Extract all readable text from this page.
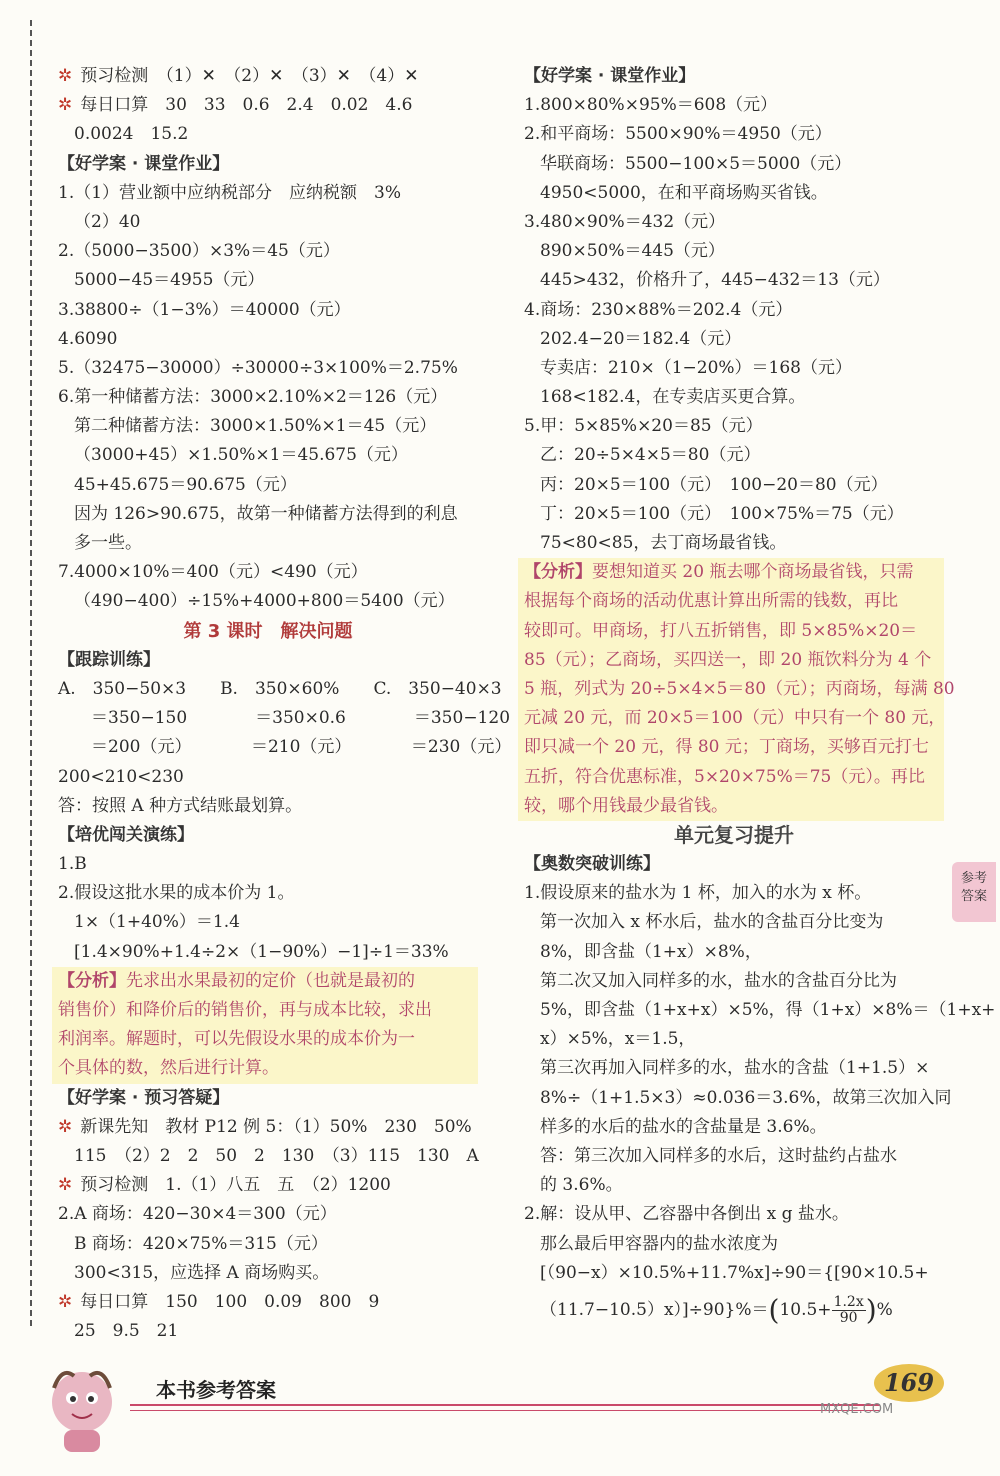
✲ 预习检测　（1）✕　（2）✕　（3）✕　（4）✕
✲ 每日口算　30　33　0.6　2.4　0.02　4.6
0.0024　15.2
【好学案 · 课堂作业】
1.（1）营业额中应纳税部分　应纳税额　3%
（2）40
2.（5000−3500）×3%＝45（元）
5000−45＝4955（元）
3.38800÷（1−3%）＝40000（元）
4.6090
5.（32475−30000）÷30000÷3×100%＝2.75%
6.第一种储蓄方法：3000×2.10%×2＝126（元）
第二种储蓄方法：3000×1.50%×1＝45（元）
（3000+45）×1.50%×1＝45.675（元）
45+45.675＝90.675（元）
因为 126>90.675，故第一种储蓄方法得到的利息
多一些。
7.4000×10%＝400（元）<490（元）
（490−400）÷15%+4000+800＝5400（元）
第 3 课时　解决问题
【跟踪训练】
A.　350−50×3　　B.　350×60%　　C.　350−40×3
　＝350−150　　　　＝350×0.6　　　　＝350−120
　＝200（元）　　　　＝210（元）　　　　＝230（元）
200<210<230
答：按照 A 种方式结账最划算。
【培优闯关演练】
1.B
2.假设这批水果的成本价为 1。
1×（1+40%）＝1.4
[1.4×90%+1.4÷2×（1−90%）−1]÷1＝33%
【分析】先求出水果最初的定价（也就是最初的
销售价）和降价后的销售价，再与成本比较，求出
利润率。解题时，可以先假设水果的成本价为一
个具体的数，然后进行计算。
【好学案 · 预习答疑】
✲ 新课先知　教材 P12 例 5：（1）50%　230　50%
115　（2）2　2　50　2　130　（3）115　130　A
✲ 预习检测　1.（1）八五　五　（2）1200
2.A 商场：420−30×4＝300（元）
B 商场：420×75%＝315（元）
300<315，应选择 A 商场购买。
✲ 每日口算　150　100　0.09　800　9
25　9.5　21
【好学案 · 课堂作业】
1.800×80%×95%＝608（元）
2.和平商场：5500×90%＝4950（元）
华联商场：5500−100×5＝5000（元）
4950<5000，在和平商场购买省钱。
3.480×90%＝432（元）
890×50%＝445（元）
445>432，价格升了，445−432＝13（元）
4.商场：230×88%＝202.4（元）
202.4−20＝182.4（元）
专卖店：210×（1−20%）＝168（元）
168<182.4，在专卖店买更合算。
5.甲：5×85%×20＝85（元）
乙：20÷5×4×5＝80（元）
丙：20×5＝100（元）　100−20＝80（元）
丁：20×5＝100（元）　100×75%＝75（元）
75<80<85，去丁商场最省钱。
【分析】要想知道买 20 瓶去哪个商场最省钱，只需
根据每个商场的活动优惠计算出所需的钱数，再比
较即可。甲商场，打八五折销售，即 5×85%×20＝
85（元）；乙商场，买四送一，即 20 瓶饮料分为 4 个
5 瓶，列式为 20÷5×4×5＝80（元）；丙商场，每满 80
元减 20 元，而 20×5＝100（元）中只有一个 80 元，
即只减一个 20 元，得 80 元；丁商场，买够百元打七
五折，符合优惠标准，5×20×75%＝75（元）。再比
较，哪个用钱最少最省钱。
单元复习提升
【奥数突破训练】
1.假设原来的盐水为 1 杯，加入的水为 x 杯。
第一次加入 x 杯水后，盐水的含盐百分比变为
8%，即含盐（1+x）×8%，
第二次又加入同样多的水，盐水的含盐百分比为
5%，即含盐（1+x+x）×5%，得（1+x）×8%＝（1+x+
x）×5%，x＝1.5，
第三次再加入同样多的水，盐水的含盐（1+1.5）×
8%÷（1+1.5×3）≈0.036＝3.6%，故第三次加入同
样多的水后的盐水的含盐量是 3.6%。
答：第三次加入同样多的水后，这时盐约占盐水
的 3.6%。
2.解：设从甲、乙容器中各倒出 x g 盐水。
那么最后甲容器内的盐水浓度为
[（90−x）×10.5%+11.7%x]÷90＝{[90×10.5+
$(11.7-10.5)x)]\div 90\}\%=(10.5+ \frac{1.2x}{90}$ )%
参考答案
本书参考答案	169
MXQE.COM
